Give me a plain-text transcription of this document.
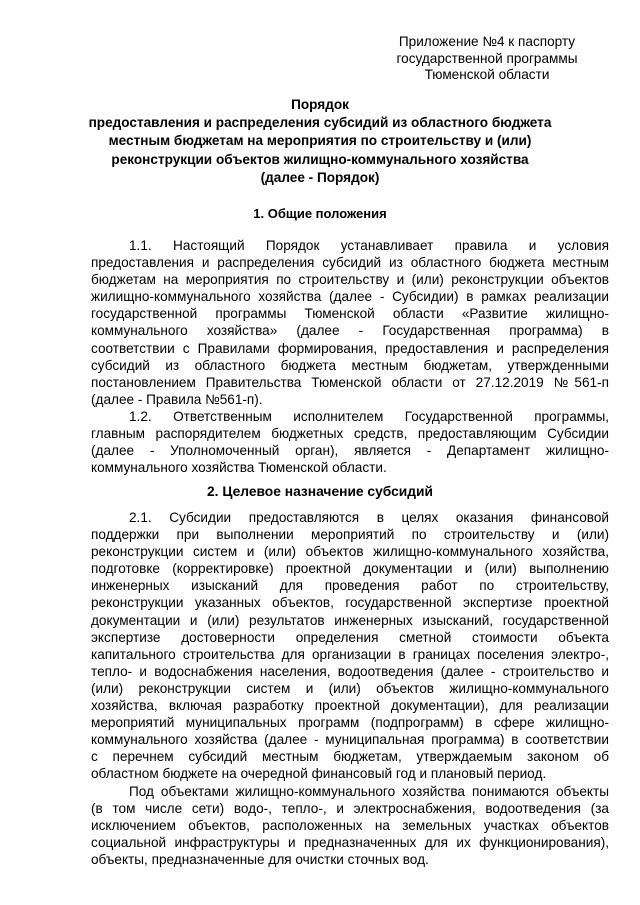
Приложение №4 к паспорту
государственной программы
Тюменской области
Порядок
предоставления и распределения субсидий из областного бюджета
местным бюджетам на мероприятия по строительству и (или)
реконструкции объектов жилищно-коммунального хозяйства
(далее - Порядок)
1. Общие положения
1.1. Настоящий Порядок устанавливает правила и условия
предоставления и распределения субсидий из областного бюджета местным
бюджетам на мероприятия по строительству и (или) реконструкции объектов
жилищно-коммунального хозяйства (далее - Субсидии) в рамках реализации
государственной программы Тюменской области «Развитие жилищно-
коммунального хозяйства» (далее - Государственная программа) в
соответствии с Правилами формирования, предоставления и распределения
субсидий из областного бюджета местным бюджетам, утвержденными
постановлением Правительства Тюменской области от 27.12.2019 №561-п
(далее - Правила №561-п).
1.2. Ответственным исполнителем Государственной программы,
главным распорядителем бюджетных средств, предоставляющим Субсидии
(далее - Уполномоченный орган), является - Департамент жилищно-
коммунального хозяйства Тюменской области.
2. Целевое назначение субсидий
2.1. Субсидии предоставляются в целях оказания финансовой
поддержки при выполнении мероприятий по строительству и (или)
реконструкции систем и (или) объектов жилищно-коммунального хозяйства,
подготовке (корректировке) проектной документации и (или) выполнению
инженерных изысканий для проведения работ по строительству,
реконструкции указанных объектов, государственной экспертизе проектной
документации и (или) результатов инженерных изысканий, государственной
экспертизе достоверности определения сметной стоимости объекта
капитального строительства для организации в границах поселения электро-,
тепло- и водоснабжения населения, водоотведения (далее - строительство и
(или) реконструкции систем и (или) объектов жилищно-коммунального
хозяйства, включая разработку проектной документации), для реализации
мероприятий муниципальных программ (подпрограмм) в сфере жилищно-
коммунального хозяйства (далее - муниципальная программа) в соответствии
с перечнем субсидий местным бюджетам, утверждаемым законом об
областном бюджете на очередной финансовый год и плановый период.
Под объектами жилищно-коммунального хозяйства понимаются объекты
(в том числе сети) водо-, тепло-, и электроснабжения, водоотведения (за
исключением объектов, расположенных на земельных участках объектов
социальной инфраструктуры и предназначенных для их функционирования),
объекты, предназначенные для очистки сточных вод.
